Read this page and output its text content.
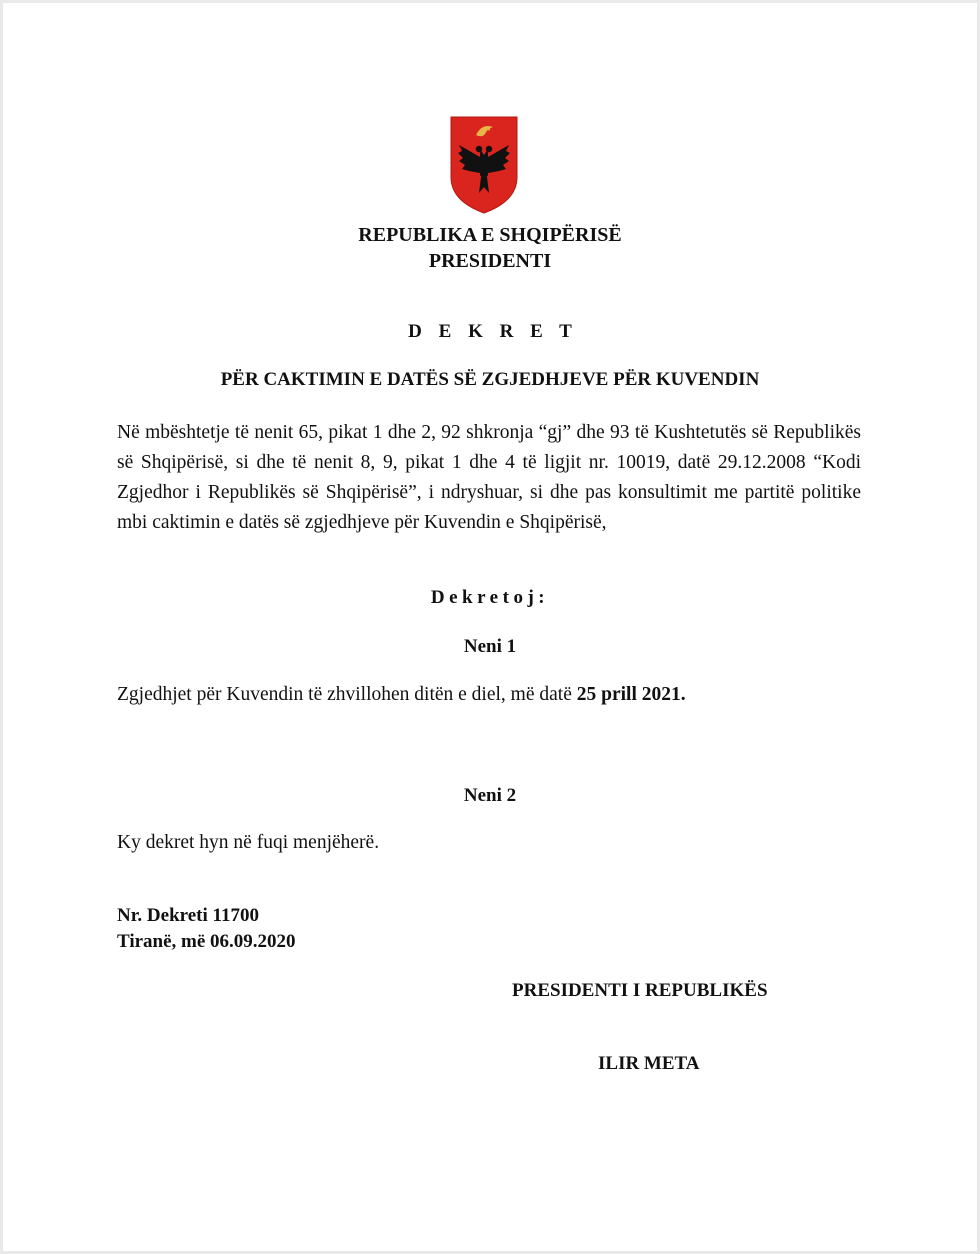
REPUBLIKA E SHQIPËRISË
PRESIDENTI
D E K R E T
PËR CAKTIMIN E DATËS SË ZGJEDHJEVE PËR KUVENDIN

Në mbështetje të nenit 65, pikat 1 dhe 2, 92 shkronja “gj” dhe 93 të Kushtetutës së Republikës së Shqipërisë, si dhe të nenit 8, 9, pikat 1 dhe 4 të ligjit nr. 10019, datë 29.12.2008 “Kodi Zgjedhor i Republikës së Shqipërisë”, i ndryshuar, si dhe pas konsultimit me partitë politike mbi caktimin e datës së zgjedhjeve për Kuvendin e Shqipërisë,

Dekretoj:
Neni 1
Zgjedhjet për Kuvendin të zhvillohen ditën e diel, më datë 25 prill 2021.
Neni 2
Ky dekret hyn në fuqi menjëherë.
Nr. Dekreti 11700
Tiranë, më 06.09.2020
PRESIDENTI I REPUBLIKËS
ILIR META
